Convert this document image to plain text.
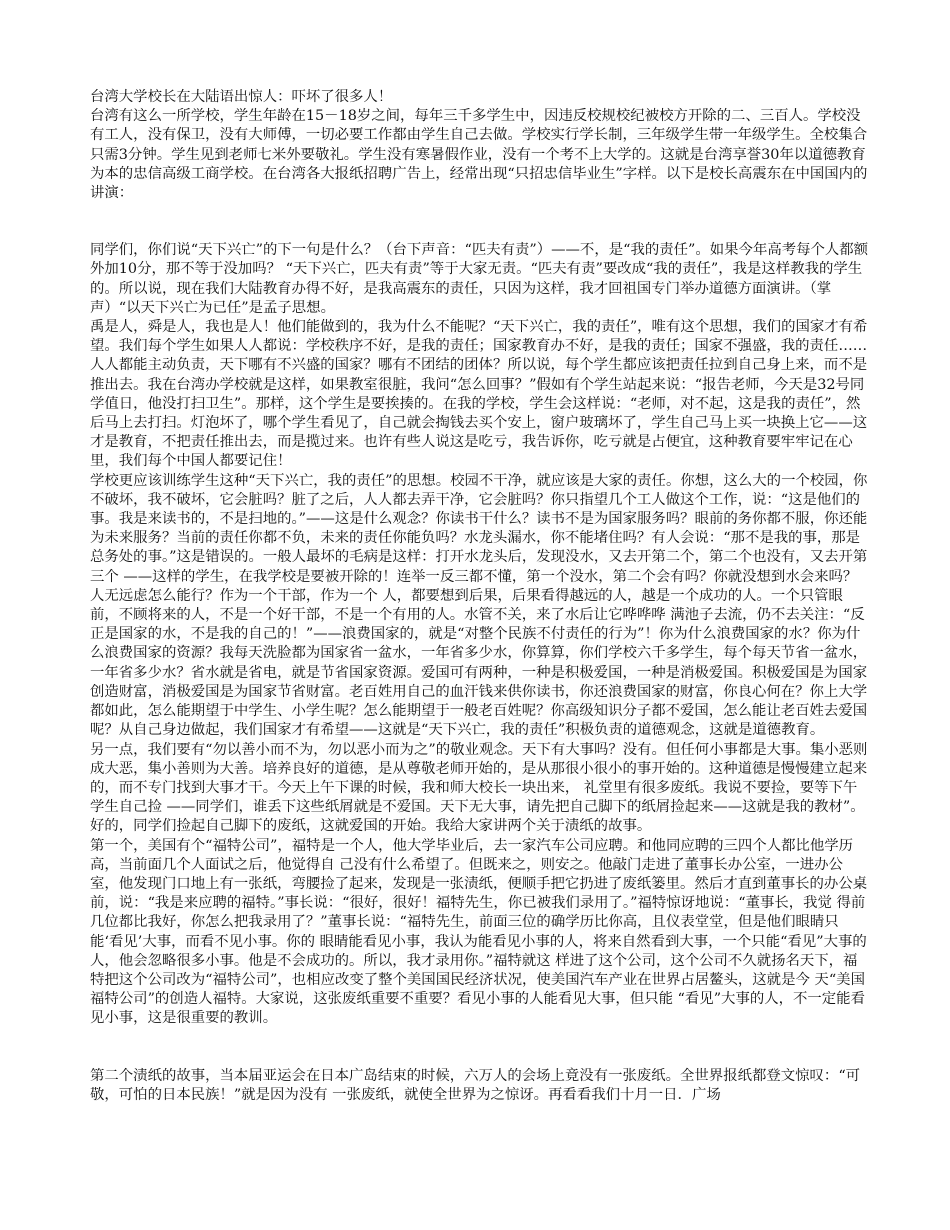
台湾大学校长在大陆语出惊人：吓坏了很多人！

台湾有这么一所学校，学生年龄在15－18岁之间，每年三千多学生中，因违反校规校纪被校方开除的二、三百人。学校没有工人，没有保卫，没有大师傅，一切必要工作都由学生自己去做。学校实行学长制，三年级学生带一年级学生。全校集合只需3分钟。学生见到老师七米外要敬礼。学生没有寒暑假作业，没有一个考不上大学的。这就是台湾享誉30年以道德教育为本的忠信高级工商学校。在台湾各大报纸招聘广告上，经常出现“只招忠信毕业生”字样。以下是校长高震东在中国国内的讲演：

同学们，你们说“天下兴亡”的下一句是什么？（台下声音：“匹夫有责”）——不，是“我的责任”。如果今年高考每个人都额外加10分，那不等于没加吗？ “天下兴亡，匹夫有责”等于大家无责。“匹夫有责”要改成“我的责任”，我是这样教我的学生的。所以说，现在我们大陆教育办得不好，是我高震东的责任，只因为这样，我才回祖国专门举办道德方面演讲。（掌声）“以天下兴亡为已任”是孟子思想。

禹是人，舜是人，我也是人！他们能做到的，我为什么不能呢？“天下兴亡，我的责任”，唯有这个思想，我们的国家才有希望。我们每个学生如果人人都说：学校秩序不好，是我的责任；国家教育办不好，是我的责任；国家不强盛，我的责任……人人都能主动负责，天下哪有不兴盛的国家？哪有不团结的团体？所以说，每个学生都应该把责任拉到自己身上来，而不是推出去。我在台湾办学校就是这样，如果教室很脏，我问“怎么回事？”假如有个学生站起来说：“报告老师，今天是32号同学值日，他没打扫卫生”。那样，这个学生是要挨揍的。在我的学校，学生会这样说：“老师，对不起，这是我的责任”，然后马上去打扫。灯泡坏了，哪个学生看见了，自己就会掏钱去买个安上，窗户玻璃坏了，学生自己马上买一块换上它——这才是教育，不把责任推出去，而是揽过来。也许有些人说这是吃亏，我告诉你，吃亏就是占便宜，这种教育要牢牢记在心里，我们每个中国人都要记住！

学校更应该训练学生这种“天下兴亡，我的责任”的思想。校园不干净，就应该是大家的责任。你想，这么大的一个校园，你不破坏，我不破坏，它会脏吗？脏了之后，人人都去弄干净，它会脏吗？你只指望几个工人做这个工作，说：“这是他们的事。我是来读书的，不是扫地的。”——这是什么观念？你读书干什么？读书不是为国家服务吗？眼前的务你都不服，你还能为未来服务？当前的责任你都不负，未来的责任你能负吗？水龙头漏水，你不能堵住吗？有人会说：“那不是我的事，那是总务处的事。”这是错误的。一般人最坏的毛病是这样：打开水龙头后，发现没水，又去开第二个，第二个也没有，又去开第三个 ——这样的学生，在我学校是要被开除的！连举一反三都不懂，第一个没水，第二个会有吗？你就没想到水会来吗？人无远虑怎么能行？作为一个干部，作为一个 人，都要想到后果，后果看得越远的人，越是一个成功的人。一个只管眼前，不顾将来的人，不是一个好干部，不是一个有用的人。水管不关，来了水后让它哗哗哗 满池子去流，仍不去关注：“反正是国家的水，不是我的自己的！”——浪费国家的，就是“对整个民族不付责任的行为”！你为什么浪费国家的水？你为什么浪费国家的资源？我每天洗脸都为国家省一盆水，一年省多少水，你算算，你们学校六千多学生，每个每天节省一盆水，一年省多少水？省水就是省电，就是节省国家资源。爱国可有两种，一种是积极爱国，一种是消极爱国。积极爱国是为国家创造财富，消极爱国是为国家节省财富。老百姓用自己的血汗钱来供你读书，你还浪费国家的财富，你良心何在？你上大学都如此，怎么能期望于中学生、小学生呢？怎么能期望于一般老百姓呢？你高级知识分子都不爱国，怎么能让老百姓去爱国呢？从自己身边做起，我们国家才有希望——这就是“天下兴亡，我的责任”积极负责的道德观念，这就是道德教育。

另一点，我们要有“勿以善小而不为，勿以恶小而为之”的敬业观念。天下有大事吗？没有。但任何小事都是大事。集小恶则成大恶，集小善则为大善。培养良好的道德，是从尊敬老师开始的，是从那很小很小的事开始的。这种道德是慢慢建立起来的，而不专门找到大事才干。今天上午下课的时候，我和师大校长一块出来， 礼堂里有很多废纸。我说不要捡，要等下午学生自己捡 ——同学们，谁丢下这些纸屑就是不爱国。天下无大事，请先把自己脚下的纸屑捡起来——这就是我的教材”。好的，同学们捡起自己脚下的废纸，这就爱国的开始。我给大家讲两个关于渍纸的故事。

第一个，美国有个“福特公司”，福特是一个人，他大学毕业后，去一家汽车公司应聘。和他同应聘的三四个人都比他学历高，当前面几个人面试之后，他觉得自 己没有什么希望了。但既来之，则安之。他敲门走进了董事长办公室，一进办公室，他发现门口地上有一张纸，弯腰捡了起来，发现是一张渍纸，便顺手把它扔进了废纸篓里。然后才直到董事长的办公桌前，说：“我是来应聘的福特。”事长说：“很好，很好！福特先生，你已被我们录用了。”福特惊讶地说：“董事长，我觉 得前几位都比我好，你怎么把我录用了？”董事长说：“福特先生，前面三位的确学历比你高，且仪表堂堂，但是他们眼睛只能‘看见’大事，而看不见小事。你的 眼睛能看见小事，我认为能看见小事的人，将来自然看到大事，一个只能“看见”大事的人，他会忽略很多小事。他是不会成功的。所以，我才录用你。”福特就这 样进了这个公司，这个公司不久就扬名天下，福特把这个公司改为“福特公司”，也相应改变了整个美国国民经济状况，使美国汽车产业在世界占居鳌头，这就是今 天“美国福特公司”的创造人福特。大家说，这张废纸重要不重要？看见小事的人能看见大事，但只能 “看见”大事的人，不一定能看见小事，这是很重要的教训。

第二个渍纸的故事，当本届亚运会在日本广岛结束的时候，六万人的会场上竟没有一张废纸。全世界报纸都登文惊叹：“可敬，可怕的日本民族！”就是因为没有 一张废纸，就使全世界为之惊讶。再看看我们十月一日．广场
